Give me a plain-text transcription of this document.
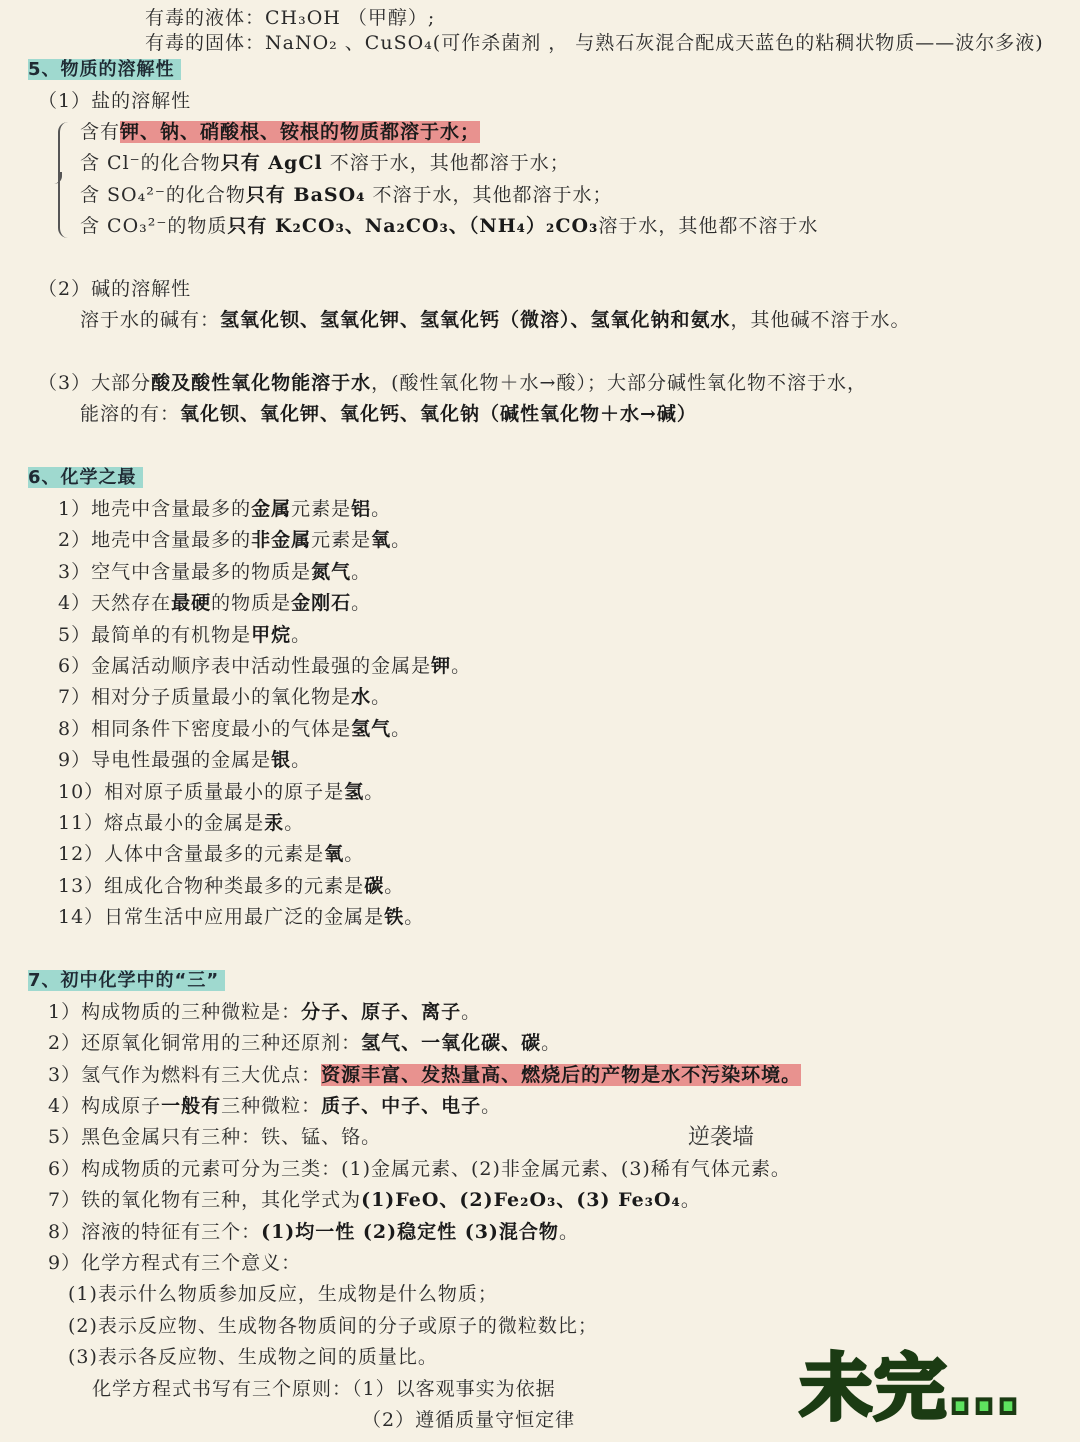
有毒的液体：CH₃OH （甲醇）;
有毒的固体：NaNO₂ 、CuSO₄(可作杀菌剂 ， 与熟石灰混合配成天蓝色的粘稠状物质——波尔多液)
5、物质的溶解性
（1）盐的溶解性
含有钾、钠、硝酸根、铵根的物质都溶于水；
含 Cl⁻的化合物只有 AgCl 不溶于水，其他都溶于水；
含 SO₄²⁻的化合物只有 BaSO₄ 不溶于水，其他都溶于水；
含 CO₃²⁻的物质只有 K₂CO₃、Na₂CO₃、（NH₄）₂CO₃溶于水，其他都不溶于水
（2）碱的溶解性
溶于水的碱有：氢氧化钡、氢氧化钾、氢氧化钙（微溶）、氢氧化钠和氨水，其他碱不溶于水。
（3）大部分酸及酸性氧化物能溶于水，(酸性氧化物＋水→酸）；大部分碱性氧化物不溶于水，
能溶的有：氧化钡、氧化钾、氧化钙、氧化钠（碱性氧化物＋水→碱）
6、化学之最
1）地壳中含量最多的金属元素是铝。
2）地壳中含量最多的非金属元素是氧。
3）空气中含量最多的物质是氮气。
4）天然存在最硬的物质是金刚石。
5）最简单的有机物是甲烷。
6）金属活动顺序表中活动性最强的金属是钾。
7）相对分子质量最小的氧化物是水。
8）相同条件下密度最小的气体是氢气。
9）导电性最强的金属是银。
10）相对原子质量最小的原子是氢。
11）熔点最小的金属是汞。
12）人体中含量最多的元素是氧。
13）组成化合物种类最多的元素是碳。
14）日常生活中应用最广泛的金属是铁。
7、初中化学中的“三”
1）构成物质的三种微粒是：分子、原子、离子。
2）还原氧化铜常用的三种还原剂：氢气、一氧化碳、碳。
3）氢气作为燃料有三大优点：资源丰富、发热量高、燃烧后的产物是水不污染环境。
4）构成原子一般有三种微粒：质子、中子、电子。
5）黑色金属只有三种：铁、锰、铬。	逆袭墙
6）构成物质的元素可分为三类：(1)金属元素、(2)非金属元素、(3)稀有气体元素。
7）铁的氧化物有三种，其化学式为(1)FeO、(2)Fe₂O₃、(3) Fe₃O₄。
8）溶液的特征有三个：(1)均一性 (2)稳定性 (3)混合物。
9）化学方程式有三个意义：
(1)表示什么物质参加反应，生成物是什么物质；
(2)表示反应物、生成物各物质间的分子或原子的微粒数比；
(3)表示各反应物、生成物之间的质量比。
化学方程式书写有三个原则：（1）以客观事实为依据
（2）遵循质量守恒定律	未完…
